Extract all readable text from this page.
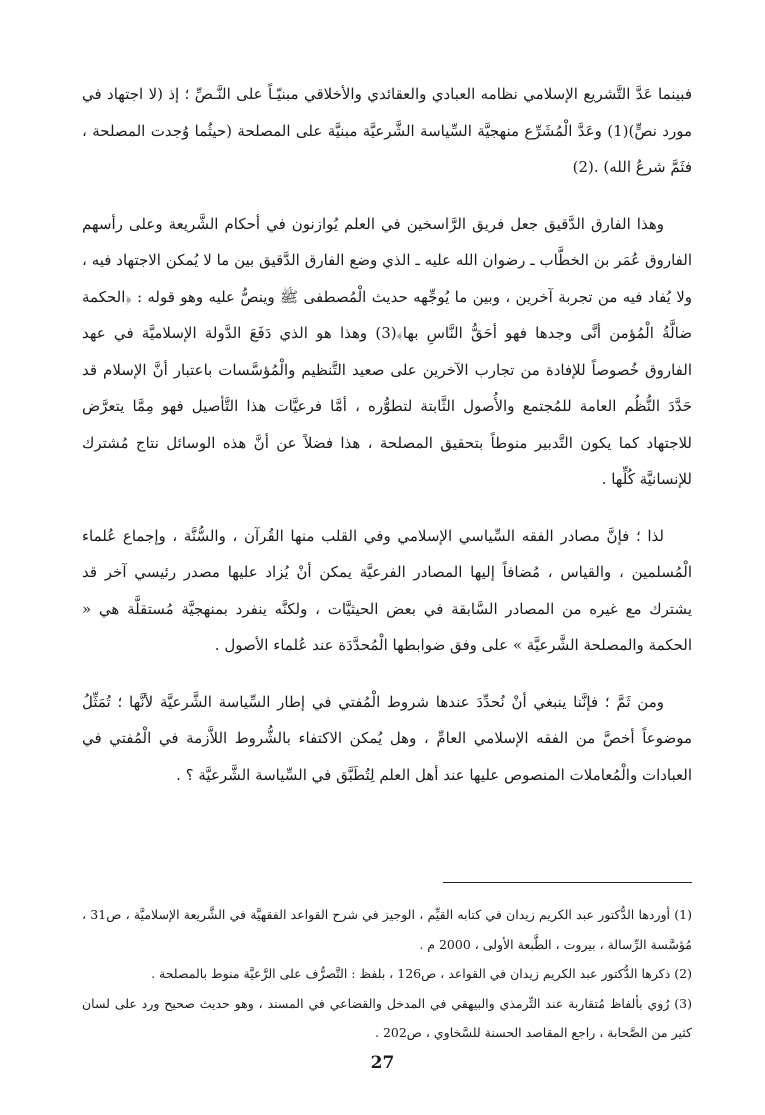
فبينما عَدَّ التَّشريع الإسلامي نظامه العبادي والعقائدي والأخلاقي مبنيّـاً على النَّـصِّ ؛ إذ (لا اجتهاد في مورد نصٍّ)(1) وعَدَّ الْمُشَرِّع منهجيَّة السِّياسة الشَّرعيَّة مبنيَّة على المصلحة (حيثُما وُجدت المصلحة ، فثَمَّ شرعُ الله) .(2)

وهذا الفارق الدَّقيق جعل فريق الرَّاسخين في العلم يُوازنون في أحكام الشَّريعة وعلى رأسهم الفاروق عُمَر بن الخطَّاب ـ رضوان الله عليه ـ الذي وضع الفارق الدَّقيق بين ما لا يُمكن الاجتهاد فيه ، ولا يُفاد فيه من تجربة آخرين ، وبين ما يُوجِّهه حديث الْمُصطفى ﷺ وينصُّ عليه وهو قوله : ﴿الحكمة ضالَّةُ الْمُؤمن أنَّى وجدها فهو أحَقُّ النَّاسِ بها﴾(3) وهذا هو الذي دَفَعَ الدَّولة الإسلاميَّة في عهد الفاروق خُصوصاً للإفادة من تجارب الآخرين على صعيد التَّنظيم والْمُؤسَّسات باعتبار أنَّ الإسلام قد حَدَّدَ النُّظُم العامة للمُجتمع والأُصول الثَّابتة لتطوُّره ، أمَّا فرعيَّات هذا التَّأصيل فهو مِمَّا يتعرَّض للاجتهاد كما يكون التَّدبير منوطاً بتحقيق المصلحة ، هذا فضلاً عن أنَّ هذه الوسائل نتاج مُشترك للإنسانيَّة كُلِّها .

لذا ؛ فإنَّ مصادر الفقه السِّياسي الإسلامي وفي القلب منها القُرآن ، والسُّنَّة ، وإجماع عُلماء الْمُسلمين ، والقياس ، مُضافاً إليها المصادر الفرعيَّة يمكن أنْ يُزاد عليها مصدر رئيسي آخر قد يشترك مع غيره من المصادر السَّابقة في بعض الحيثيَّات ، ولكنَّه ينفرد بمنهجيَّة مُستقلَّة هي « الحكمة والمصلحة الشَّرعيَّة » على وفق ضوابطها الْمُحدَّدَة عند عُلماء الأصول .

ومن ثَمَّ ؛ فإنَّنا ينبغي أنْ نُحدِّدَ عندها شروط الْمُفتي في إطار السِّياسة الشَّرعيَّة لأنَّها ؛ تُمَثِّلُ موضوعاً أخصَّ من الفقه الإسلامي العامِّ ، وهل يُمكن الاكتفاء بالشُّروط اللاَّزمة في الْمُفتي في العبادات والْمُعاملات المنصوص عليها عند أهل العلم لِتُطَبَّق في السِّياسة الشَّرعيَّة ؟ .

(1) أوردها الدُّكتور عبد الكريم زيدان في كتابه القيِّم ، الوجيز في شرح القواعد الفقهيَّة في الشَّريعة الإسلاميَّة ، ص31 ، مُؤسَّسة الرِّسالة ، بيروت ، الطَّبعة الأولى ، 2000 م .

(2) ذكرها الدُّكتور عبد الكريم زيدان في القواعد ، ص126 ، بلفظ : التَّصرُّف على الرَّعيَّة منوط بالمصلحة .

(3) رُوي بألفاظ مُتقاربة عند التِّرمذي والبيهقي في المدخل والقضاعي في المسند ، وهو حديث صحيح ورد على لسان كثير من الصَّحابة ، راجع المقاصد الحسنة للسَّخاوي ، ص202 .

27
